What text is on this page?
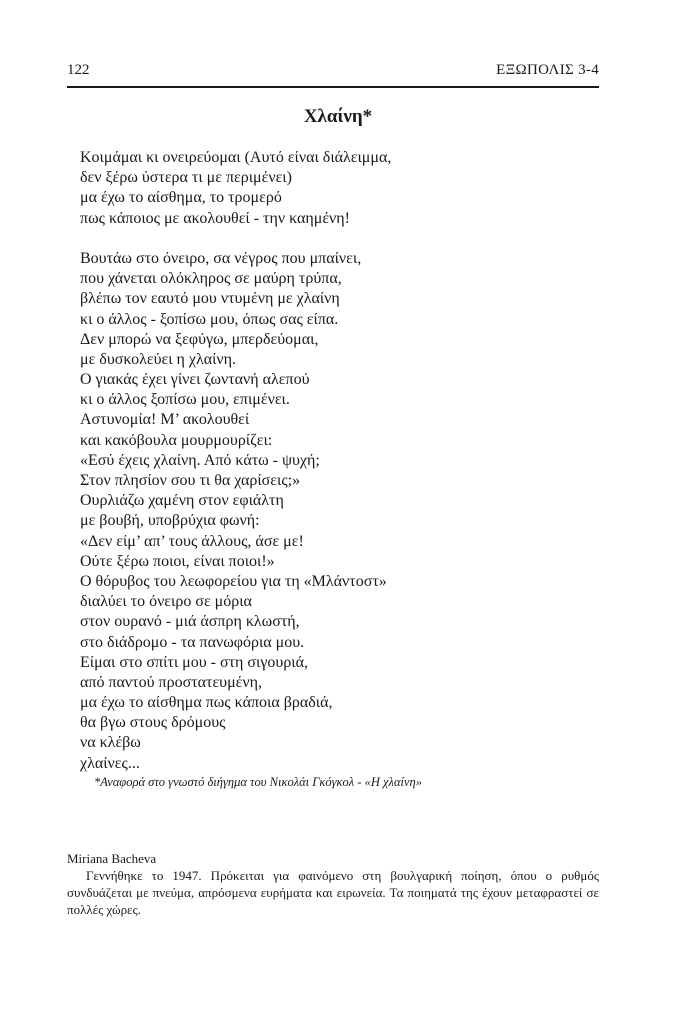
122	ΕΞΩΠΟΛΙΣ 3-4
Χλαίνη*
Κοιμάμαι κι ονειρεύομαι (Αυτό είναι διάλειμμα,
δεν ξέρω ύστερα τι με περιμένει)
μα έχω το αίσθημα, το τρομερό
πως κάποιος με ακολουθεί - την καημένη!
Βουτάω στο όνειρο, σα νέγρος που μπαίνει,
που χάνεται ολόκληρος σε μαύρη τρύπα,
βλέπω τον εαυτό μου ντυμένη με χλαίνη
κι ο άλλος - ξοπίσω μου, όπως σας είπα.
Δεν μπορώ να ξεφύγω, μπερδεύομαι,
με δυσκολεύει η χλαίνη.
Ο γιακάς έχει γίνει ζωντανή αλεπού
κι ο άλλος ξοπίσω μου, επιμένει.
Αστυνομία! Μ’ ακολουθεί
και κακόβουλα μουρμουρίζει:
«Εσύ έχεις χλαίνη. Από κάτω - ψυχή;
Στον πλησίον σου τι θα χαρίσεις;»
Ουρλιάζω χαμένη στον εφιάλτη
με βουβή, υποβρύχια φωνή:
«Δεν είμ’ απ’ τους άλλους, άσε με!
Ούτε ξέρω ποιοι, είναι ποιοι!»
Ο θόρυβος του λεωφορείου για τη «Μλάντοστ»
διαλύει το όνειρο σε μόρια
στον ουρανό - μιά άσπρη κλωστή,
στο διάδρομο - τα πανωφόρια μου.
Είμαι στο σπίτι μου - στη σιγουριά,
από παντού προστατευμένη,
μα έχω το αίσθημα πως κάποια βραδιά,
θα βγω στους δρόμους
να κλέβω
χλαίνες...
*Αναφορά στο γνωστό διήγημα του Νικολάι Γκόγκολ - «Η χλαίνη»
Miriana Bacheva
Γεννήθηκε το 1947. Πρόκειται για φαινόμενο στη βουλγαρική ποίηση, όπου ο ρυθμός συνδυάζεται με πνεύμα, απρόσμενα ευρήματα και ειρωνεία. Τα ποιηματά της έχουν μεταφραστεί σε πολλές χώρες.
